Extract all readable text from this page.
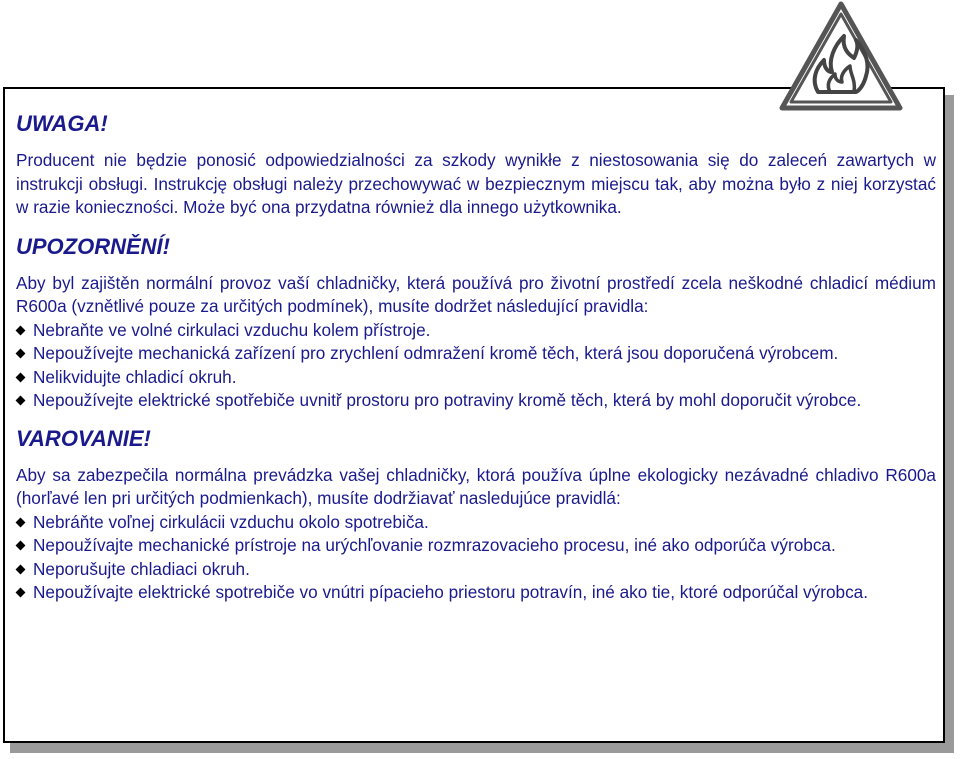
UWAGA!
Producent nie będzie ponosić odpowiedzialności za szkody wynikłe z niestosowania się do zaleceń zawartych w instrukcji obsługi. Instrukcję obsługi należy przechowywać w bezpiecznym miejscu tak, aby można było z niej korzystać w razie konieczności. Może być ona przydatna również dla innego użytkownika.
UPOZORNĚNÍ!
Aby byl zajištěn normální provoz vaší chladničky, která používá pro životní prostředí zcela neškodné chladicí médium R600a (vznětlivé pouze za určitých podmínek), musíte dodržet následující pravidla:
Nebraňte ve volné cirkulaci vzduchu kolem přístroje.
Nepoužívejte mechanická zařízení pro zrychlení odmražení kromě těch, která jsou doporučená výrobcem.
Nelikvidujte chladicí okruh.
Nepoužívejte elektrické spotřebiče uvnitř prostoru pro potraviny kromě těch, která by mohl doporučit výrobce.
VAROVANIE!
Aby sa zabezpečila normálna prevádzka vašej chladničky, ktorá používa úplne ekologicky nezávadné chladivo R600a (horľavé len pri určitých podmienkach), musíte dodržiavať nasledujúce pravidlá:
Nebráňte voľnej cirkulácii vzduchu okolo spotrebiča.
Nepoužívajte mechanické prístroje na urýchľovanie rozmrazovacieho procesu, iné ako odporúča výrobca.
Neporušujte chladiaci okruh.
Nepoužívajte elektrické spotrebiče vo vnútri pípacieho priestoru potravín, iné ako tie, ktoré odporúčal výrobca.
